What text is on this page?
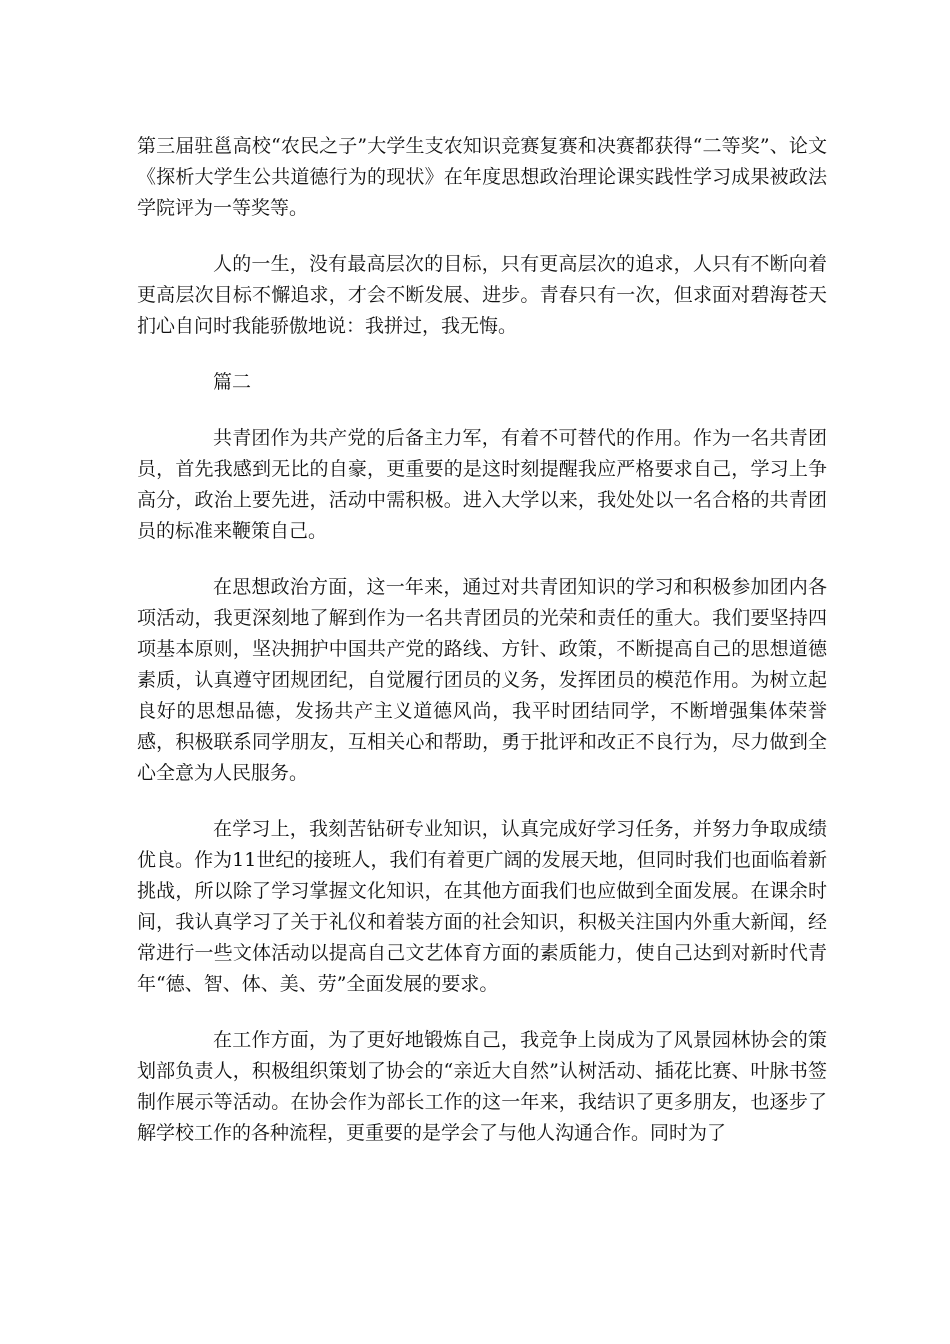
第三届驻邕高校“农民之子”大学生支农知识竞赛复赛和决赛都获得“二等奖”、论文《探析大学生公共道德行为的现状》在年度思想政治理论课实践性学习成果被政法学院评为一等奖等。

人的一生，没有最高层次的目标，只有更高层次的追求，人只有不断向着更高层次目标不懈追求，才会不断发展、进步。青春只有一次，但求面对碧海苍天扪心自问时我能骄傲地说：我拼过，我无悔。

篇二

共青团作为共产党的后备主力军，有着不可替代的作用。作为一名共青团员，首先我感到无比的自豪，更重要的是这时刻提醒我应严格要求自己，学习上争高分，政治上要先进，活动中需积极。进入大学以来，我处处以一名合格的共青团员的标准来鞭策自己。

在思想政治方面，这一年来，通过对共青团知识的学习和积极参加团内各项活动，我更深刻地了解到作为一名共青团员的光荣和责任的重大。我们要坚持四项基本原则，坚决拥护中国共产党的路线、方针、政策，不断提高自己的思想道德素质，认真遵守团规团纪，自觉履行团员的义务，发挥团员的模范作用。为树立起良好的思想品德，发扬共产主义道德风尚，我平时团结同学，不断增强集体荣誉感，积极联系同学朋友，互相关心和帮助，勇于批评和改正不良行为，尽力做到全心全意为人民服务。

在学习上，我刻苦钻研专业知识，认真完成好学习任务，并努力争取成绩优良。作为11世纪的接班人，我们有着更广阔的发展天地，但同时我们也面临着新挑战，所以除了学习掌握文化知识，在其他方面我们也应做到全面发展。在课余时间，我认真学习了关于礼仪和着装方面的社会知识，积极关注国内外重大新闻，经常进行一些文体活动以提高自己文艺体育方面的素质能力，使自己达到对新时代青年“德、智、体、美、劳”全面发展的要求。

在工作方面，为了更好地锻炼自己，我竞争上岗成为了风景园林协会的策划部负责人，积极组织策划了协会的“亲近大自然”认树活动、插花比赛、叶脉书签制作展示等活动。在协会作为部长工作的这一年来，我结识了更多朋友，也逐步了解学校工作的各种流程，更重要的是学会了与他人沟通合作。同时为了
